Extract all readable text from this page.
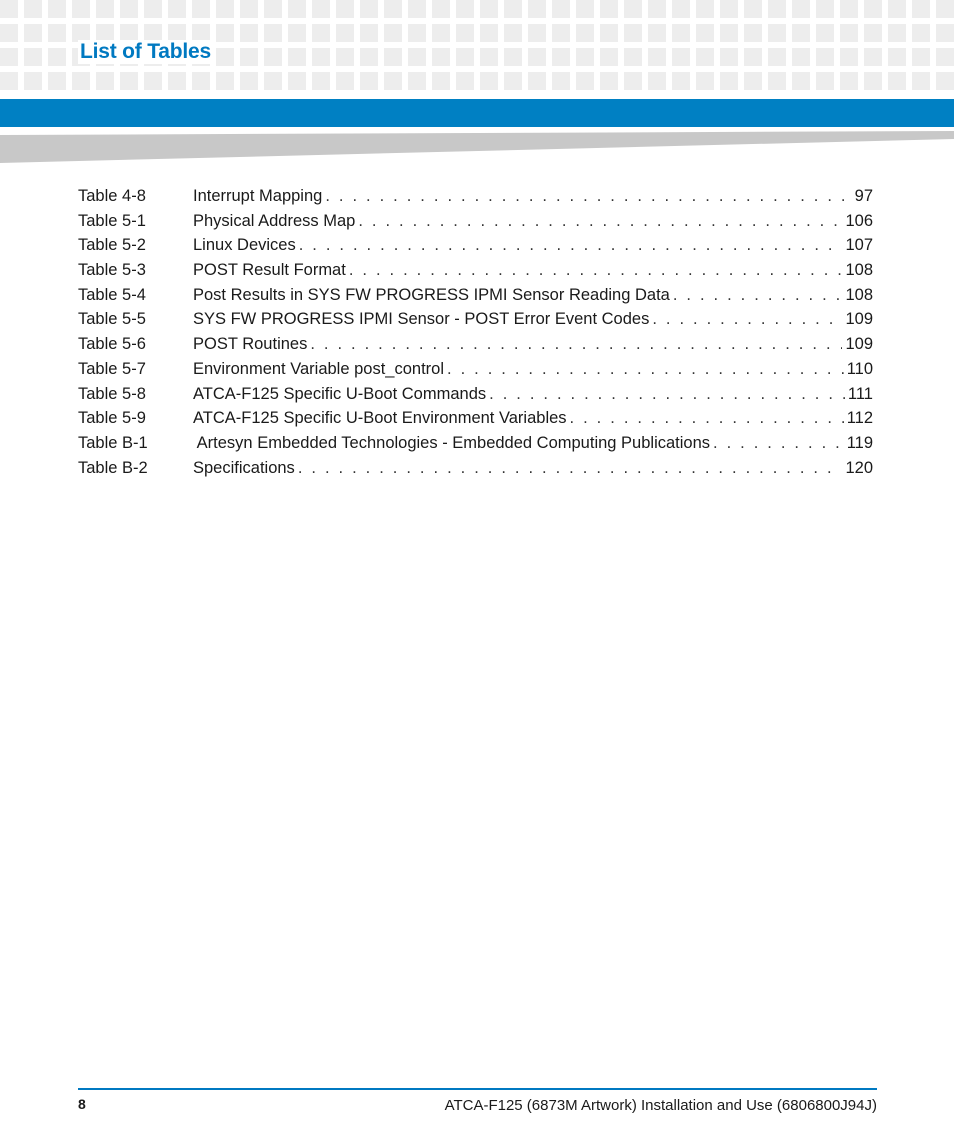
List of Tables
Table 4-8	Interrupt Mapping . . .	97
Table 5-1	Physical Address Map . . .	106
Table 5-2	Linux Devices . . .	107
Table 5-3	POST Result Format . . .	108
Table 5-4	Post Results in SYS FW PROGRESS IPMI Sensor Reading Data . . .	108
Table 5-5	SYS FW PROGRESS IPMI Sensor - POST Error Event Codes . . .	109
Table 5-6	POST Routines . . .	109
Table 5-7	Environment Variable post_control . . .	110
Table 5-8	ATCA-F125 Specific U-Boot Commands . . .	111
Table 5-9	ATCA-F125 Specific U-Boot Environment Variables . . .	112
Table B-1	Artesyn Embedded Technologies - Embedded Computing Publications . . .	119
Table B-2	Specifications . . .	120
8	ATCA-F125 (6873M Artwork) Installation and Use (6806800J94J)
